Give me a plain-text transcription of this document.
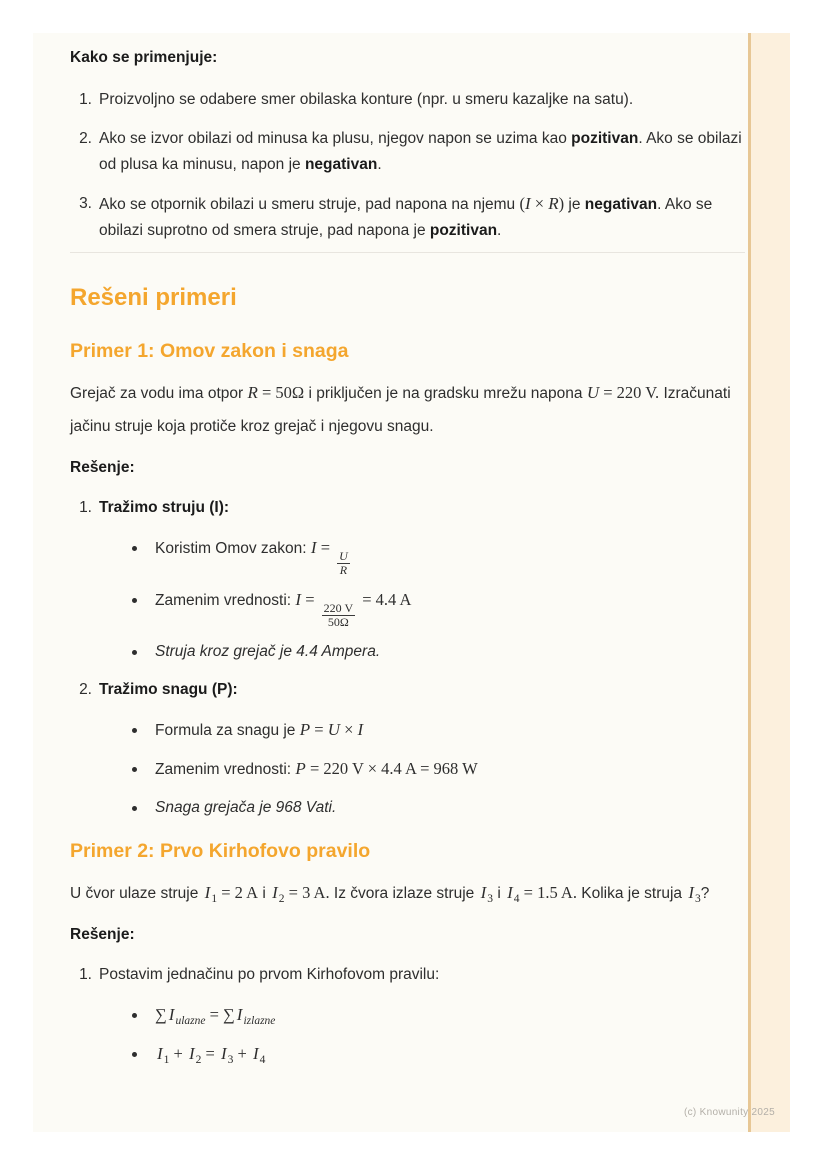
Kako se primenjuje:

1. Proizvoljno se odabere smer obilaska konture (npr. u smeru kazaljke na satu).
2. Ako se izvor obilazi od minusa ka plusu, njegov napon se uzima kao pozitivan. Ako se obilazi od plusa ka minusu, napon je negativan.
3. Ako se otpornik obilazi u smeru struje, pad napona na njemu (I × R) je negativan. Ako se obilazi suprotno od smera struje, pad napona je pozitivan.
Rešeni primeri
Primer 1: Omov zakon i snaga

Grejač za vodu ima otpor R = 50Ω i priključen je na gradsku mrežu napona U = 220 V. Izračunati jačinu struje koja protiče kroz grejač i njegovu snagu.

Rešenje:

1. Tražimo struju (I):
Koristim Omov zakon: I =
$\frac{U}{R}$
Zamenim vrednosti: I =
$\frac{220 V}{50\Omega}$
= 4.4 A
Struja kroz grejač je 4.4 Ampera.
2. Tražimo snagu (P):
Formula za snagu je P = U × I
Zamenim vrednosti: P = 220 V × 4.4 A = 968 W
Snaga grejača je 968 Vati.
Primer 2: Prvo Kirhofovo pravilo

U čvor ulaze struje $I_1 = 2$ A i $I_2 = 3$ A. Iz čvora izlaze struje $I_3$ i $I_4 = 1.5$ A. Kolika je struja $I_3$?

Rešenje:

1. Postavim jednačinu po prvom Kirhofovom pravilu:
∑ $I_{ulazne}$ = ∑ $I_{izlazne}$
$I_1 + I_2 = I_3 + I_4$
(c) Knowunity 2025
